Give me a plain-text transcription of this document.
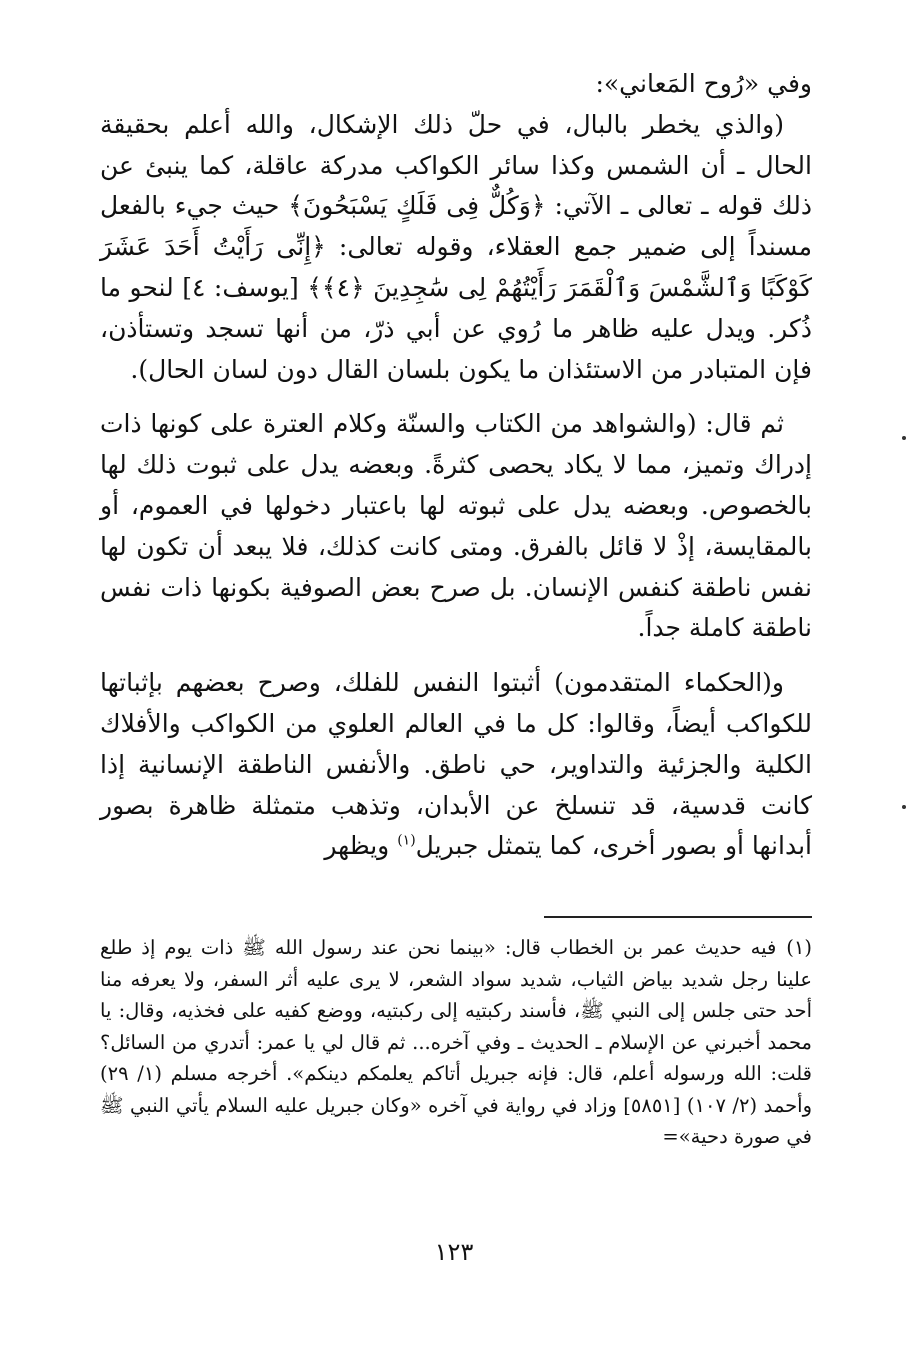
وفي «رُوح المَعاني»:

(والذي يخطر بالبال، في حلّ ذلك الإشكال، والله أعلم بحقيقة الحال ـ أن الشمس وكذا سائر الكواكب مدركة عاقلة، كما ينبئ عن ذلك قوله ـ تعالى ـ الآتي: ﴿وَكُلٌّ فِى فَلَكٍ يَسْبَحُونَ﴾ حيث جيء بالفعل مسنداً إلى ضمير جمع العقلاء، وقوله تعالى: ﴿إِنِّى رَأَيْتُ أَحَدَ عَشَرَ كَوْكَبًا وَٱلشَّمْسَ وَٱلْقَمَرَ رَأَيْتُهُمْ لِى سَٰجِدِينَ ﴿٤﴾﴾ [يوسف: ٤] لنحو ما ذُكر. ويدل عليه ظاهر ما رُوي عن أبي ذرّ، من أنها تسجد وتستأذن، فإن المتبادر من الاستئذان ما يكون بلسان القال دون لسان الحال).

ثم قال: (والشواهد من الكتاب والسنّة وكلام العترة على كونها ذات إدراك وتميز، مما لا يكاد يحصى كثرةً. وبعضه يدل على ثبوت ذلك لها بالخصوص. وبعضه يدل على ثبوته لها باعتبار دخولها في العموم، أو بالمقايسة، إذْ لا قائل بالفرق. ومتى كانت كذلك، فلا يبعد أن تكون لها نفس ناطقة كنفس الإنسان. بل صرح بعض الصوفية بكونها ذات نفس ناطقة كاملة جداً.

و(الحكماء المتقدمون) أثبتوا النفس للفلك، وصرح بعضهم بإثباتها للكواكب أيضاً، وقالوا: كل ما في العالم العلوي من الكواكب والأفلاك الكلية والجزئية والتداوير، حي ناطق. والأنفس الناطقة الإنسانية إذا كانت قدسية، قد تنسلخ عن الأبدان، وتذهب متمثلة ظاهرة بصور أبدانها أو بصور أخرى، كما يتمثل جبريل$^{(١)}$ ويظهر

(١)فيه حديث عمر بن الخطاب قال: «بينما نحن عند رسول الله ﷺ ذات يوم إذ طلع علينا رجل شديد بياض الثياب، شديد سواد الشعر، لا يرى عليه أثر السفر، ولا يعرفه منا أحد حتى جلس إلى النبي ﷺ، فأسند ركبتيه إلى ركبتيه، ووضع كفيه على فخذيه، وقال: يا محمد أخبرني عن الإسلام ـ الحديث ـ وفي آخره... ثم قال لي يا عمر: أتدري من السائل؟ قلت: الله ورسوله أعلم، قال: فإنه جبريل أتاكم يعلمكم دينكم». أخرجه مسلم (١/ ٢٩) وأحمد (٢/ ١٠٧) [٥٨٥١] وزاد في رواية في آخره «وكان جبريل عليه السلام يأتي النبي ﷺ في صورة دحية»=

١٢٣
